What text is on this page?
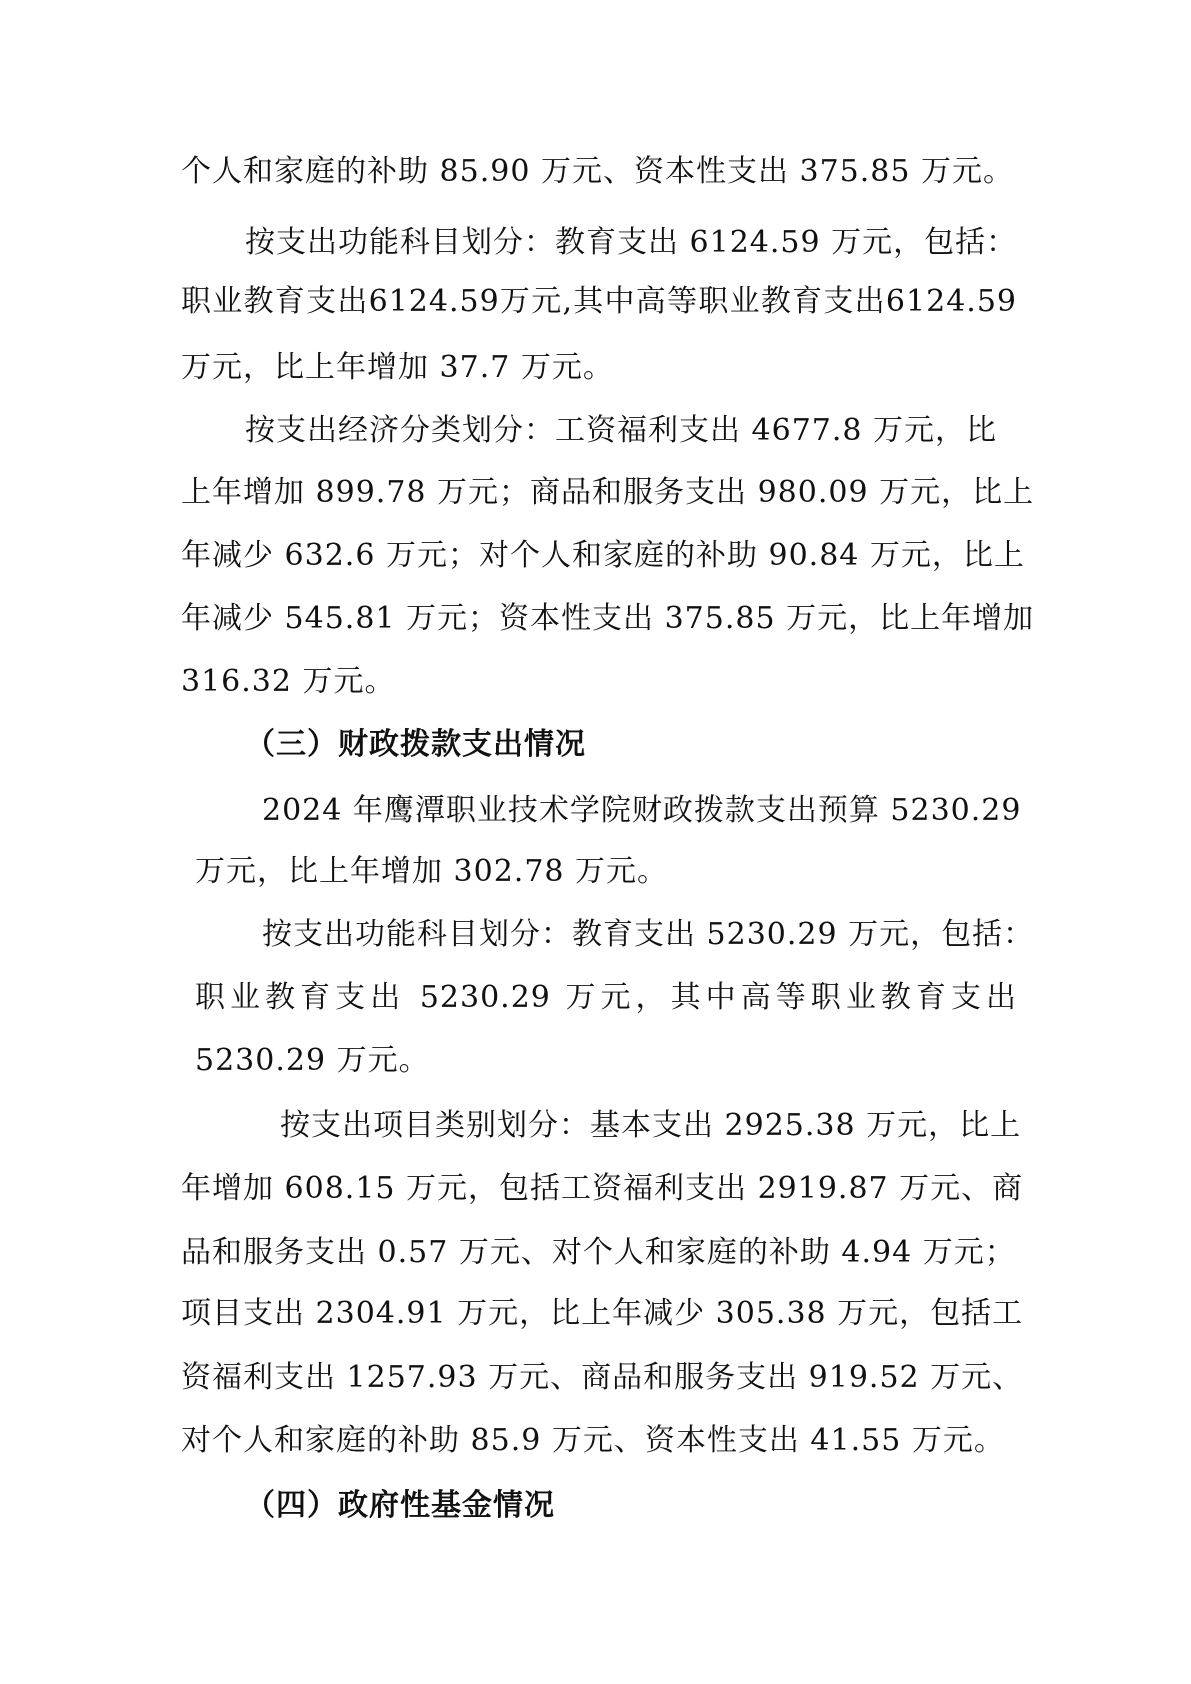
个人和家庭的补助 85.90 万元、资本性支出 375.85 万元。
按支出功能科目划分：教育支出 6124.59 万元，包括：
职业教育支出6124.59万元,其中高等职业教育支出6124.59
万元，比上年增加 37.7 万元。
按支出经济分类划分：工资福利支出 4677.8 万元，比
上年增加 899.78 万元；商品和服务支出 980.09 万元，比上
年减少 632.6 万元；对个人和家庭的补助 90.84 万元，比上
年减少 545.81 万元；资本性支出 375.85 万元，比上年增加
316.32 万元。
（三）财政拨款支出情况
2024 年鹰潭职业技术学院财政拨款支出预算 5230.29
万元，比上年增加 302.78 万元。
按支出功能科目划分：教育支出 5230.29 万元，包括：
职业教育支出 5230.29 万元，其中高等职业教育支出
5230.29 万元。
按支出项目类别划分：基本支出 2925.38 万元，比上
年增加 608.15 万元，包括工资福利支出 2919.87 万元、商
品和服务支出 0.57 万元、对个人和家庭的补助 4.94 万元；
项目支出 2304.91 万元，比上年减少 305.38 万元，包括工
资福利支出 1257.93 万元、商品和服务支出 919.52 万元、
对个人和家庭的补助 85.9 万元、资本性支出 41.55 万元。
（四）政府性基金情况
